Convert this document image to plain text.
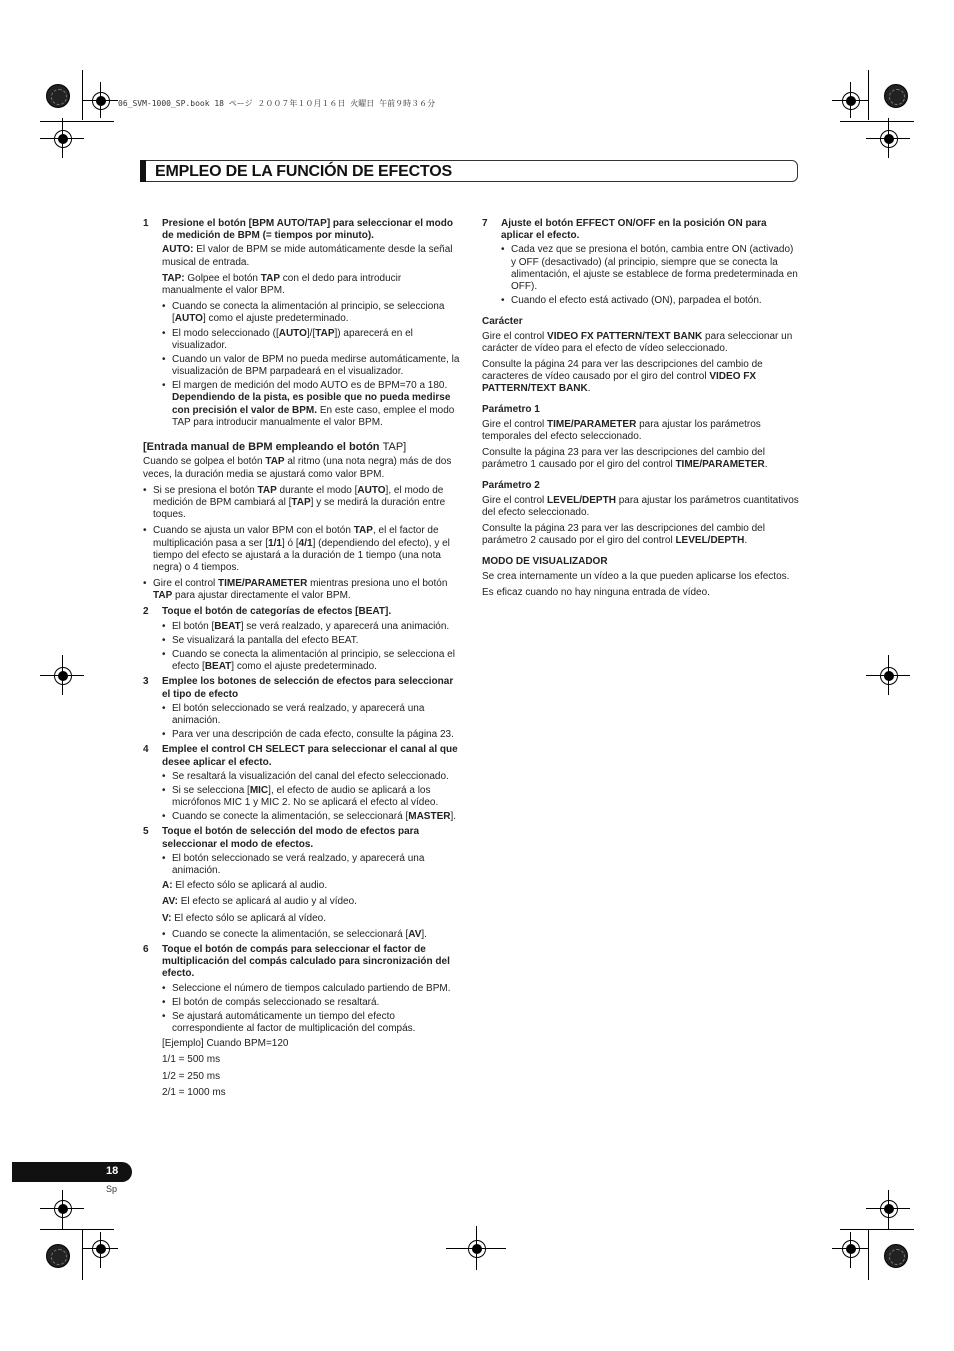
06_SVM-1000_SP.book 18 ページ ２００７年１０月１６日 火曜日 午前９時３６分
EMPLEO DE LA FUNCIÓN DE EFECTOS
1 Presione el botón [BPM AUTO/TAP] para seleccionar el modo de medición de BPM (= tiempos por minuto).
AUTO: El valor de BPM se mide automáticamente desde la señal musical de entrada.
TAP: Golpee el botón TAP con el dedo para introducir manualmente el valor BPM.
• Cuando se conecta la alimentación al principio, se selecciona [AUTO] como el ajuste predeterminado.
• El modo seleccionado ([AUTO]/[TAP]) aparecerá en el visualizador.
• Cuando un valor de BPM no pueda medirse automáticamente, la visualización de BPM parpadeará en el visualizador.
• El margen de medición del modo AUTO es de BPM=70 a 180. Dependiendo de la pista, es posible que no pueda medirse con precisión el valor de BPM. En este caso, emplee el modo TAP para introducir manualmente el valor BPM.
[Entrada manual de BPM empleando el botón TAP]
Cuando se golpea el botón TAP al ritmo (una nota negra) más de dos veces, la duración media se ajustará como valor BPM.
• Si se presiona el botón TAP durante el modo [AUTO], el modo de medición de BPM cambiará al [TAP] y se medirá la duración entre toques.
• Cuando se ajusta un valor BPM con el botón TAP, el el factor de multiplicación pasa a ser [1/1] ó [4/1] (dependiendo del efecto), y el tiempo del efecto se ajustará a la duración de 1 tiempo (una nota negra) o 4 tiempos.
• Gire el control TIME/PARAMETER mientras presiona uno el botón TAP para ajustar directamente el valor BPM.
2 Toque el botón de categorías de efectos [BEAT].
• El botón [BEAT] se verá realzado, y aparecerá una animación.
• Se visualizará la pantalla del efecto BEAT.
• Cuando se conecta la alimentación al principio, se selecciona el efecto [BEAT] como el ajuste predeterminado.
3 Emplee los botones de selección de efectos para seleccionar el tipo de efecto
• El botón seleccionado se verá realzado, y aparecerá una animación.
• Para ver una descripción de cada efecto, consulte la página 23.
4 Emplee el control CH SELECT para seleccionar el canal al que desee aplicar el efecto.
• Se resaltará la visualización del canal del efecto seleccionado.
• Si se selecciona [MIC], el efecto de audio se aplicará a los micrófonos MIC 1 y MIC 2. No se aplicará el efecto al vídeo.
• Cuando se conecte la alimentación, se seleccionará [MASTER].
5 Toque el botón de selección del modo de efectos para seleccionar el modo de efectos.
• El botón seleccionado se verá realzado, y aparecerá una animación.
A: El efecto sólo se aplicará al audio.
AV: El efecto se aplicará al audio y al vídeo.
V: El efecto sólo se aplicará al vídeo.
• Cuando se conecte la alimentación, se seleccionará [AV].
6 Toque el botón de compás para seleccionar el factor de multiplicación del compás calculado para sincronización del efecto.
• Seleccione el número de tiempos calculado partiendo de BPM.
• El botón de compás seleccionado se resaltará.
• Se ajustará automáticamente un tiempo del efecto correspondiente al factor de multiplicación del compás.
[Ejemplo] Cuando BPM=120
1/1 = 500 ms
1/2 = 250 ms
2/1 = 1000 ms
7 Ajuste el botón EFFECT ON/OFF en la posición ON para aplicar el efecto.
• Cada vez que se presiona el botón, cambia entre ON (activado) y OFF (desactivado) (al principio, siempre que se conecta la alimentación, el ajuste se establece de forma predeterminada en OFF).
• Cuando el efecto está activado (ON), parpadea el botón.
Carácter
Gire el control VIDEO FX PATTERN/TEXT BANK para seleccionar un carácter de vídeo para el efecto de vídeo seleccionado.
Consulte la página 24 para ver las descripciones del cambio de caracteres de vídeo causado por el giro del control VIDEO FX PATTERN/TEXT BANK.
Parámetro 1
Gire el control TIME/PARAMETER para ajustar los parámetros temporales del efecto seleccionado.
Consulte la página 23 para ver las descripciones del cambio del parámetro 1 causado por el giro del control TIME/PARAMETER.
Parámetro 2
Gire el control LEVEL/DEPTH para ajustar los parámetros cuantitativos del efecto seleccionado.
Consulte la página 23 para ver las descripciones del cambio del parámetro 2 causado por el giro del control LEVEL/DEPTH.
MODO DE VISUALIZADOR
Se crea internamente un vídeo a la que pueden aplicarse los efectos.
Es eficaz cuando no hay ninguna entrada de vídeo.
18
Sp
